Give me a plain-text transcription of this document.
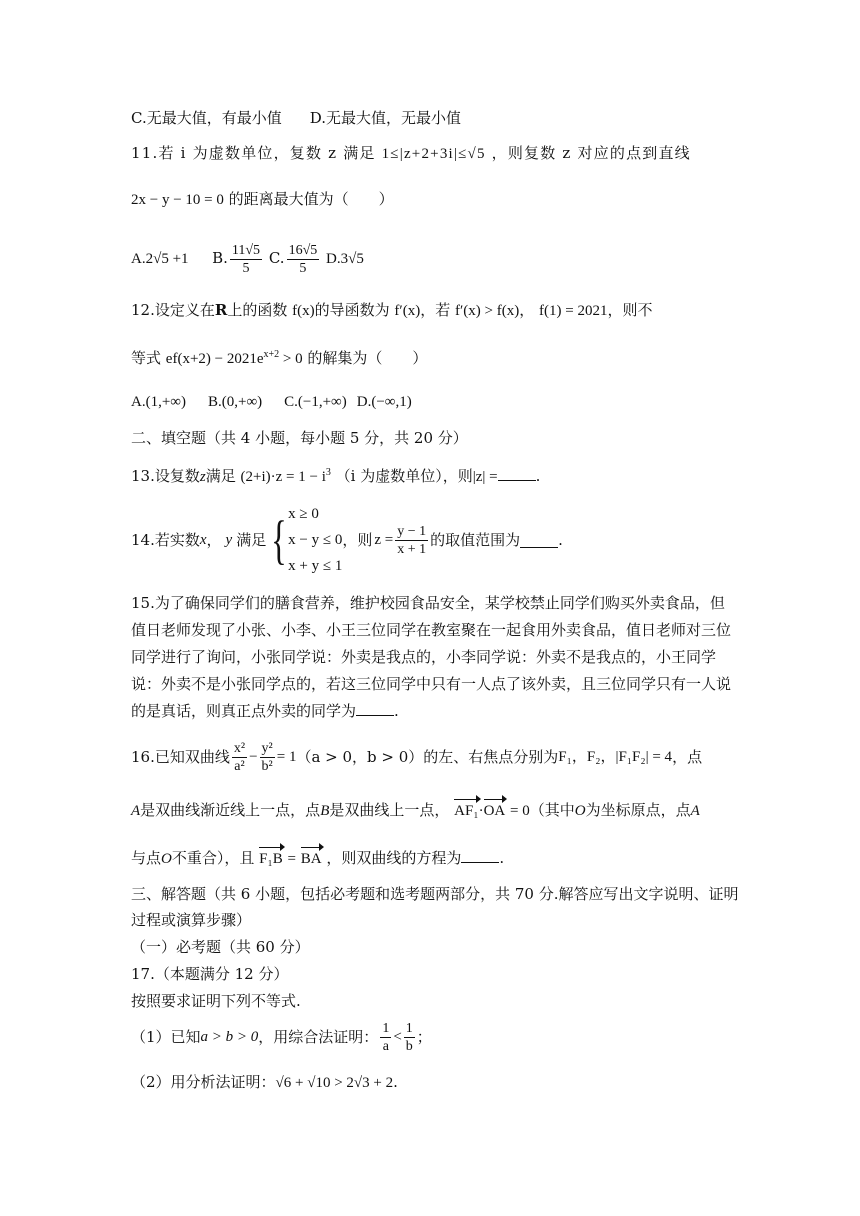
C.无最大值，有最小值 D.无最大值，无最小值
11.若 i 为虚数单位，复数 z 满足 1≤|z+2+3i|≤√5 ，则复数 z 对应的点到直线
2x − y − 10 = 0 的距离最大值为（　　）
A.2√5 +1 B. $\frac{11√5}{5} C$. $\frac{16√5}{5} D.3√5$
12.设定义在R上的函数 f(x)的导函数为 f′(x)，若 f′(x) > f(x)， f(1) = 2021，则不
等式 $ef(x+2) - 2021e^{x+2} > 0$ 的解集为（　　）
A.(1,+∞) B.(0,+∞) C.(−1,+∞) D.(−∞,1)
二、填空题（共 4 小题，每小题 5 分，共 20 分）
13.设复数z满足 $(2+i)\cdot z = 1 - i^3$ （i 为虚数单位），则|z| =	.
14.若实数 x ， y 满足 { x ≥ 0
x − y ≤ 0
x + y ≤ 1
，则 $z = \frac{y - 1}{x + 1}$ 的取值范围为	.
15.为了确保同学们的膳食营养，维护校园食品安全，某学校禁止同学们购买外卖食品，但值日老师发现了小张、小李、小王三位同学在教室聚在一起食用外卖食品，值日老师对三位同学进行了询问，小张同学说：外卖是我点的，小李同学说：外卖不是我点的，小王同学说：外卖不是小张同学点的，若这三位同学中只有一人点了该外卖，且三位同学只有一人说的是真话，则真正点外卖的同学为	.
16.已知双曲线 $\frac{\text{x²}}{\text{a²}} - \frac{\text{y²}}{\text{b²}} = 1$ （a > 0，b > 0）的左、右焦点分别为 F₁，F₂， |F₁F₂| = 4 ，点
A是双曲线渐近线上一点，点B是双曲线上一点， AF₁·OA = 0（其中O为坐标原点，点A
与点O不重合），且 F₁B = BA ，则双曲线的方程为	.
三、解答题（共 6 小题，包括必考题和选考题两部分，共 70 分.解答应写出文字说明、证明
过程或演算步骤）
（一）必考题（共 60 分）
17.（本题满分 12 分）
按照要求证明下列不等式.
（1）已知 a > b > 0 ，用综合法证明： $\frac{1}{a} < \frac{1}{b}$ ；
（2）用分析法证明：√6 + √10 > 2√3 + 2.
